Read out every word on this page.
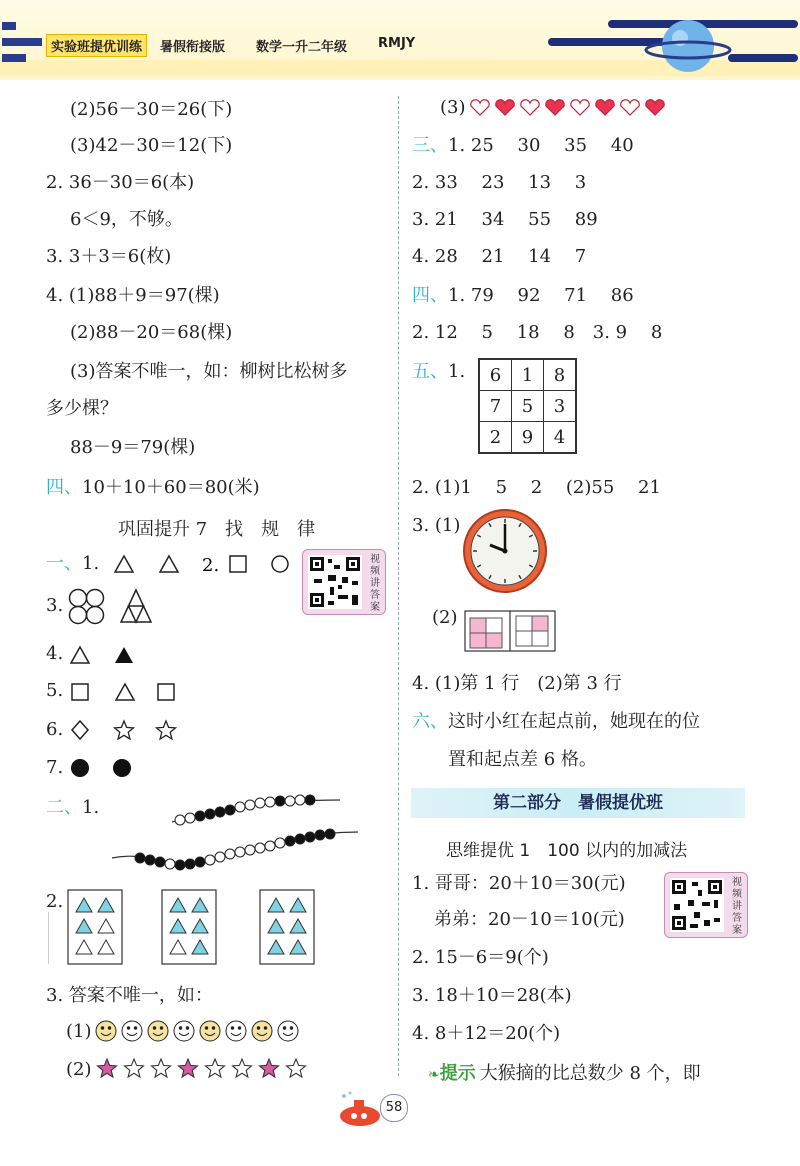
实验班提优训练	暑假衔接版 数学一升二年级 RMJY
(2)56－30＝26(下)
(3)42－30＝12(下)
2. 36－30＝6(本)
6＜9，不够。
3. 3＋3＝6(枚)
4. (1)88＋9＝97(棵)
(2)88－20＝68(棵)
(3)答案不唯一，如：柳树比松树多
多少棵？
88－9＝79(棵)
四、10＋10＋60＝80(米)
巩固提升 7　找　规　律
一、1.	2.	视频讲答案
3.
4.
5.
6.
7.
二、1.
2.
3. 答案不唯一，如：
(1)
(2)
(3)
三、1. 25　 30　 35　 40
2. 33　 23　 13　 3
3. 21　 34　 55　 89
4. 28　 21　 14　 7
四、1. 79　 92　 71　 86
2. 12　 5　 18　 8　3. 9　 8
五、1. 6	1	8
7	5	3
2	9	4
2. (1)1　 5　 2　 (2)55　 21
3. (1)
(2)
4. (1)第 1 行　(2)第 3 行
六、这时小红在起点前，她现在的位
置和起点差 6 格。
第二部分　暑假提优班
思维提优 1　100 以内的加减法
1. 哥哥：20＋10＝30(元)
弟弟：20－10＝10(元)
视频讲答案
2. 15－6＝9(个)
3. 18＋10＝28(本)
4. 8＋12＝20(个)
❧提示 大猴摘的比总数少 8 个，即
58
